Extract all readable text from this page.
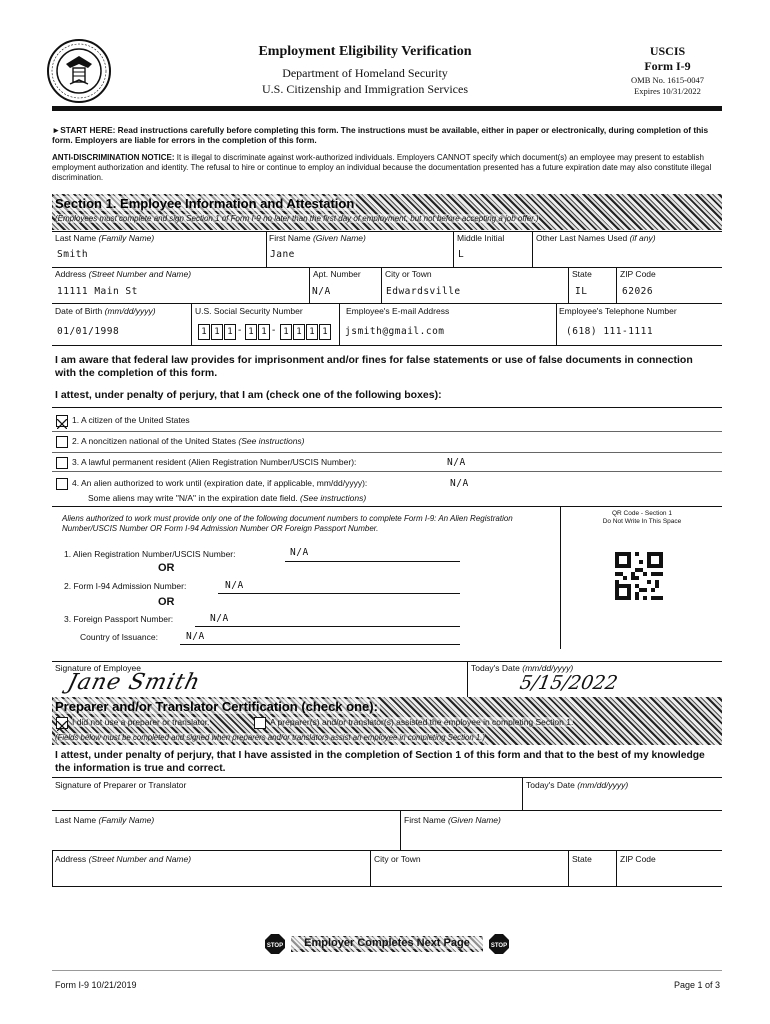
Employment Eligibility Verification
Department of Homeland Security
U.S. Citizenship and Immigration Services
USCIS
Form I-9
OMB No. 1615-0047
Expires 10/31/2022
►START HERE: Read instructions carefully before completing this form. The instructions must be available, either in paper or electronically, during completion of this form. Employers are liable for errors in the completion of this form.
ANTI-DISCRIMINATION NOTICE: It is illegal to discriminate against work-authorized individuals. Employers CANNOT specify which document(s) an employee may present to establish employment authorization and identity. The refusal to hire or continue to employ an individual because the documentation presented has a future expiration date may also constitute illegal discrimination.
Section 1. Employee Information and Attestation
(Employees must complete and sign Section 1 of Form I-9 no later than the first day of employment, but not before accepting a job offer.)
Last Name (Family Name)	First Name (Given Name)	Middle Initial	Other Last Names Used (if any)
Smith	Jane	L
Address (Street Number and Name)	Apt. Number	City or Town	State	ZIP Code
11111 Main St	N/A	Edwardsville	IL	62026
Date of Birth (mm/dd/yyyy)	U.S. Social Security Number	Employee's E-mail Address	Employee's Telephone Number
01/01/1998	1 1 1 - 1 1 - 1 1 1 1	jsmith@gmail.com	(618) 111-1111
I am aware that federal law provides for imprisonment and/or fines for false statements or use of false documents in connection with the completion of this form.
I attest, under penalty of perjury, that I am (check one of the following boxes):
1. A citizen of the United States
2. A noncitizen national of the United States (See instructions)
3. A lawful permanent resident (Alien Registration Number/USCIS Number):	N/A
4. An alien authorized to work until (expiration date, if applicable, mm/dd/yyyy):	N/A
Some aliens may write "N/A" in the expiration date field. (See instructions)
Aliens authorized to work must provide only one of the following document numbers to complete Form I-9: An Alien Registration Number/USCIS Number OR Form I-94 Admission Number OR Foreign Passport Number.
1. Alien Registration Number/USCIS Number:	N/A
OR
2. Form I-94 Admission Number:	N/A
OR
3. Foreign Passport Number:	N/A
Country of Issuance:	N/A
QR Code - Section 1
Do Not Write In This Space
Signature of Employee
Jane Smith
Today's Date (mm/dd/yyyy)
5/15/2022
Preparer and/or Translator Certification (check one):
I did not use a preparer or translator.	A preparer(s) and/or translator(s) assisted the employee in completing Section 1.
(Fields below must be completed and signed when preparers and/or translators assist an employee in completing Section 1.)
I attest, under penalty of perjury, that I have assisted in the completion of Section 1 of this form and that to the best of my knowledge the information is true and correct.
Signature of Preparer or Translator	Today's Date (mm/dd/yyyy)
Last Name (Family Name)	First Name (Given Name)
Address (Street Number and Name)	City or Town	State	ZIP Code
STOP	Employer Completes Next Page	STOP
Form I-9 10/21/2019	Page 1 of 3
